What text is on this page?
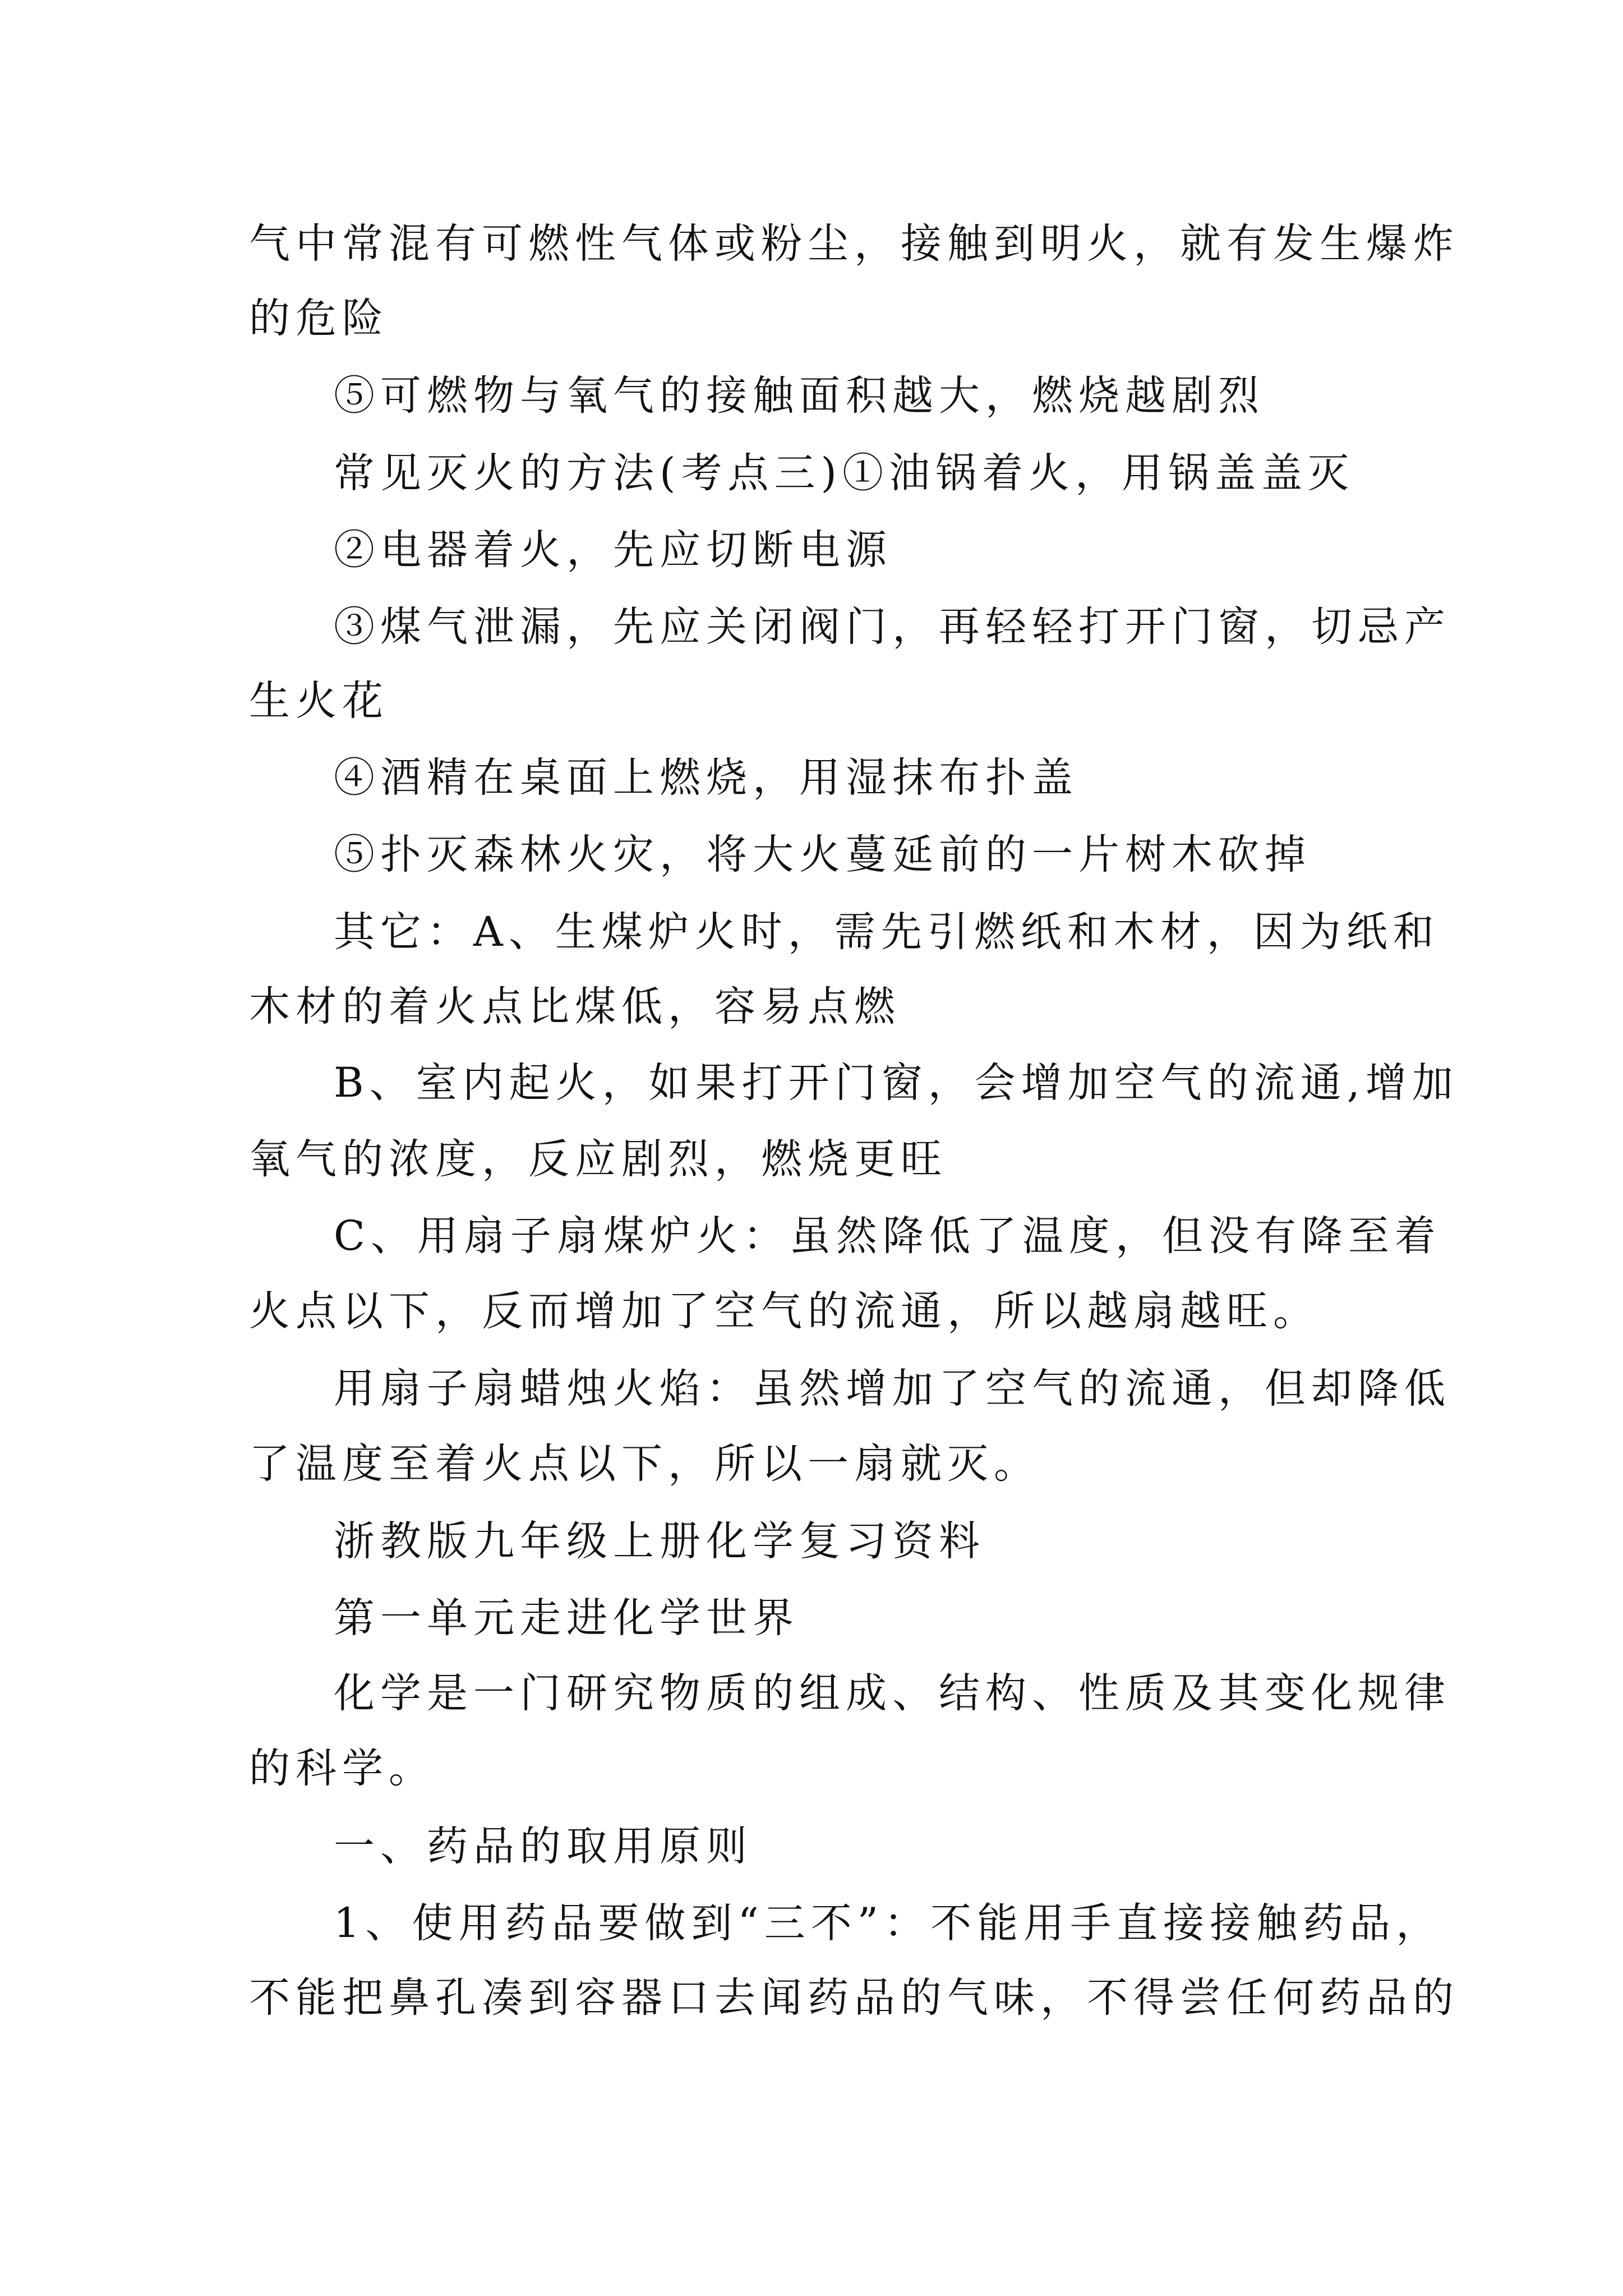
气中常混有可燃性气体或粉尘，接触到明火，就有发生爆炸

的危险

⑤可燃物与氧气的接触面积越大，燃烧越剧烈

常见灭火的方法(考点三)①油锅着火，用锅盖盖灭

②电器着火，先应切断电源

③煤气泄漏，先应关闭阀门，再轻轻打开门窗，切忌产

生火花

④酒精在桌面上燃烧，用湿抹布扑盖

⑤扑灭森林火灾，将大火蔓延前的一片树木砍掉

其它：A、生煤炉火时，需先引燃纸和木材，因为纸和

木材的着火点比煤低，容易点燃

B、室内起火，如果打开门窗，会增加空气的流通,增加

氧气的浓度，反应剧烈，燃烧更旺

C、用扇子扇煤炉火：虽然降低了温度，但没有降至着

火点以下，反而增加了空气的流通，所以越扇越旺。

用扇子扇蜡烛火焰：虽然增加了空气的流通，但却降低

了温度至着火点以下，所以一扇就灭。

浙教版九年级上册化学复习资料

第一单元走进化学世界

化学是一门研究物质的组成、结构、性质及其变化规律

的科学。

一、药品的取用原则

1、使用药品要做到“三不”：不能用手直接接触药品，

不能把鼻孔凑到容器口去闻药品的气味，不得尝任何药品的
